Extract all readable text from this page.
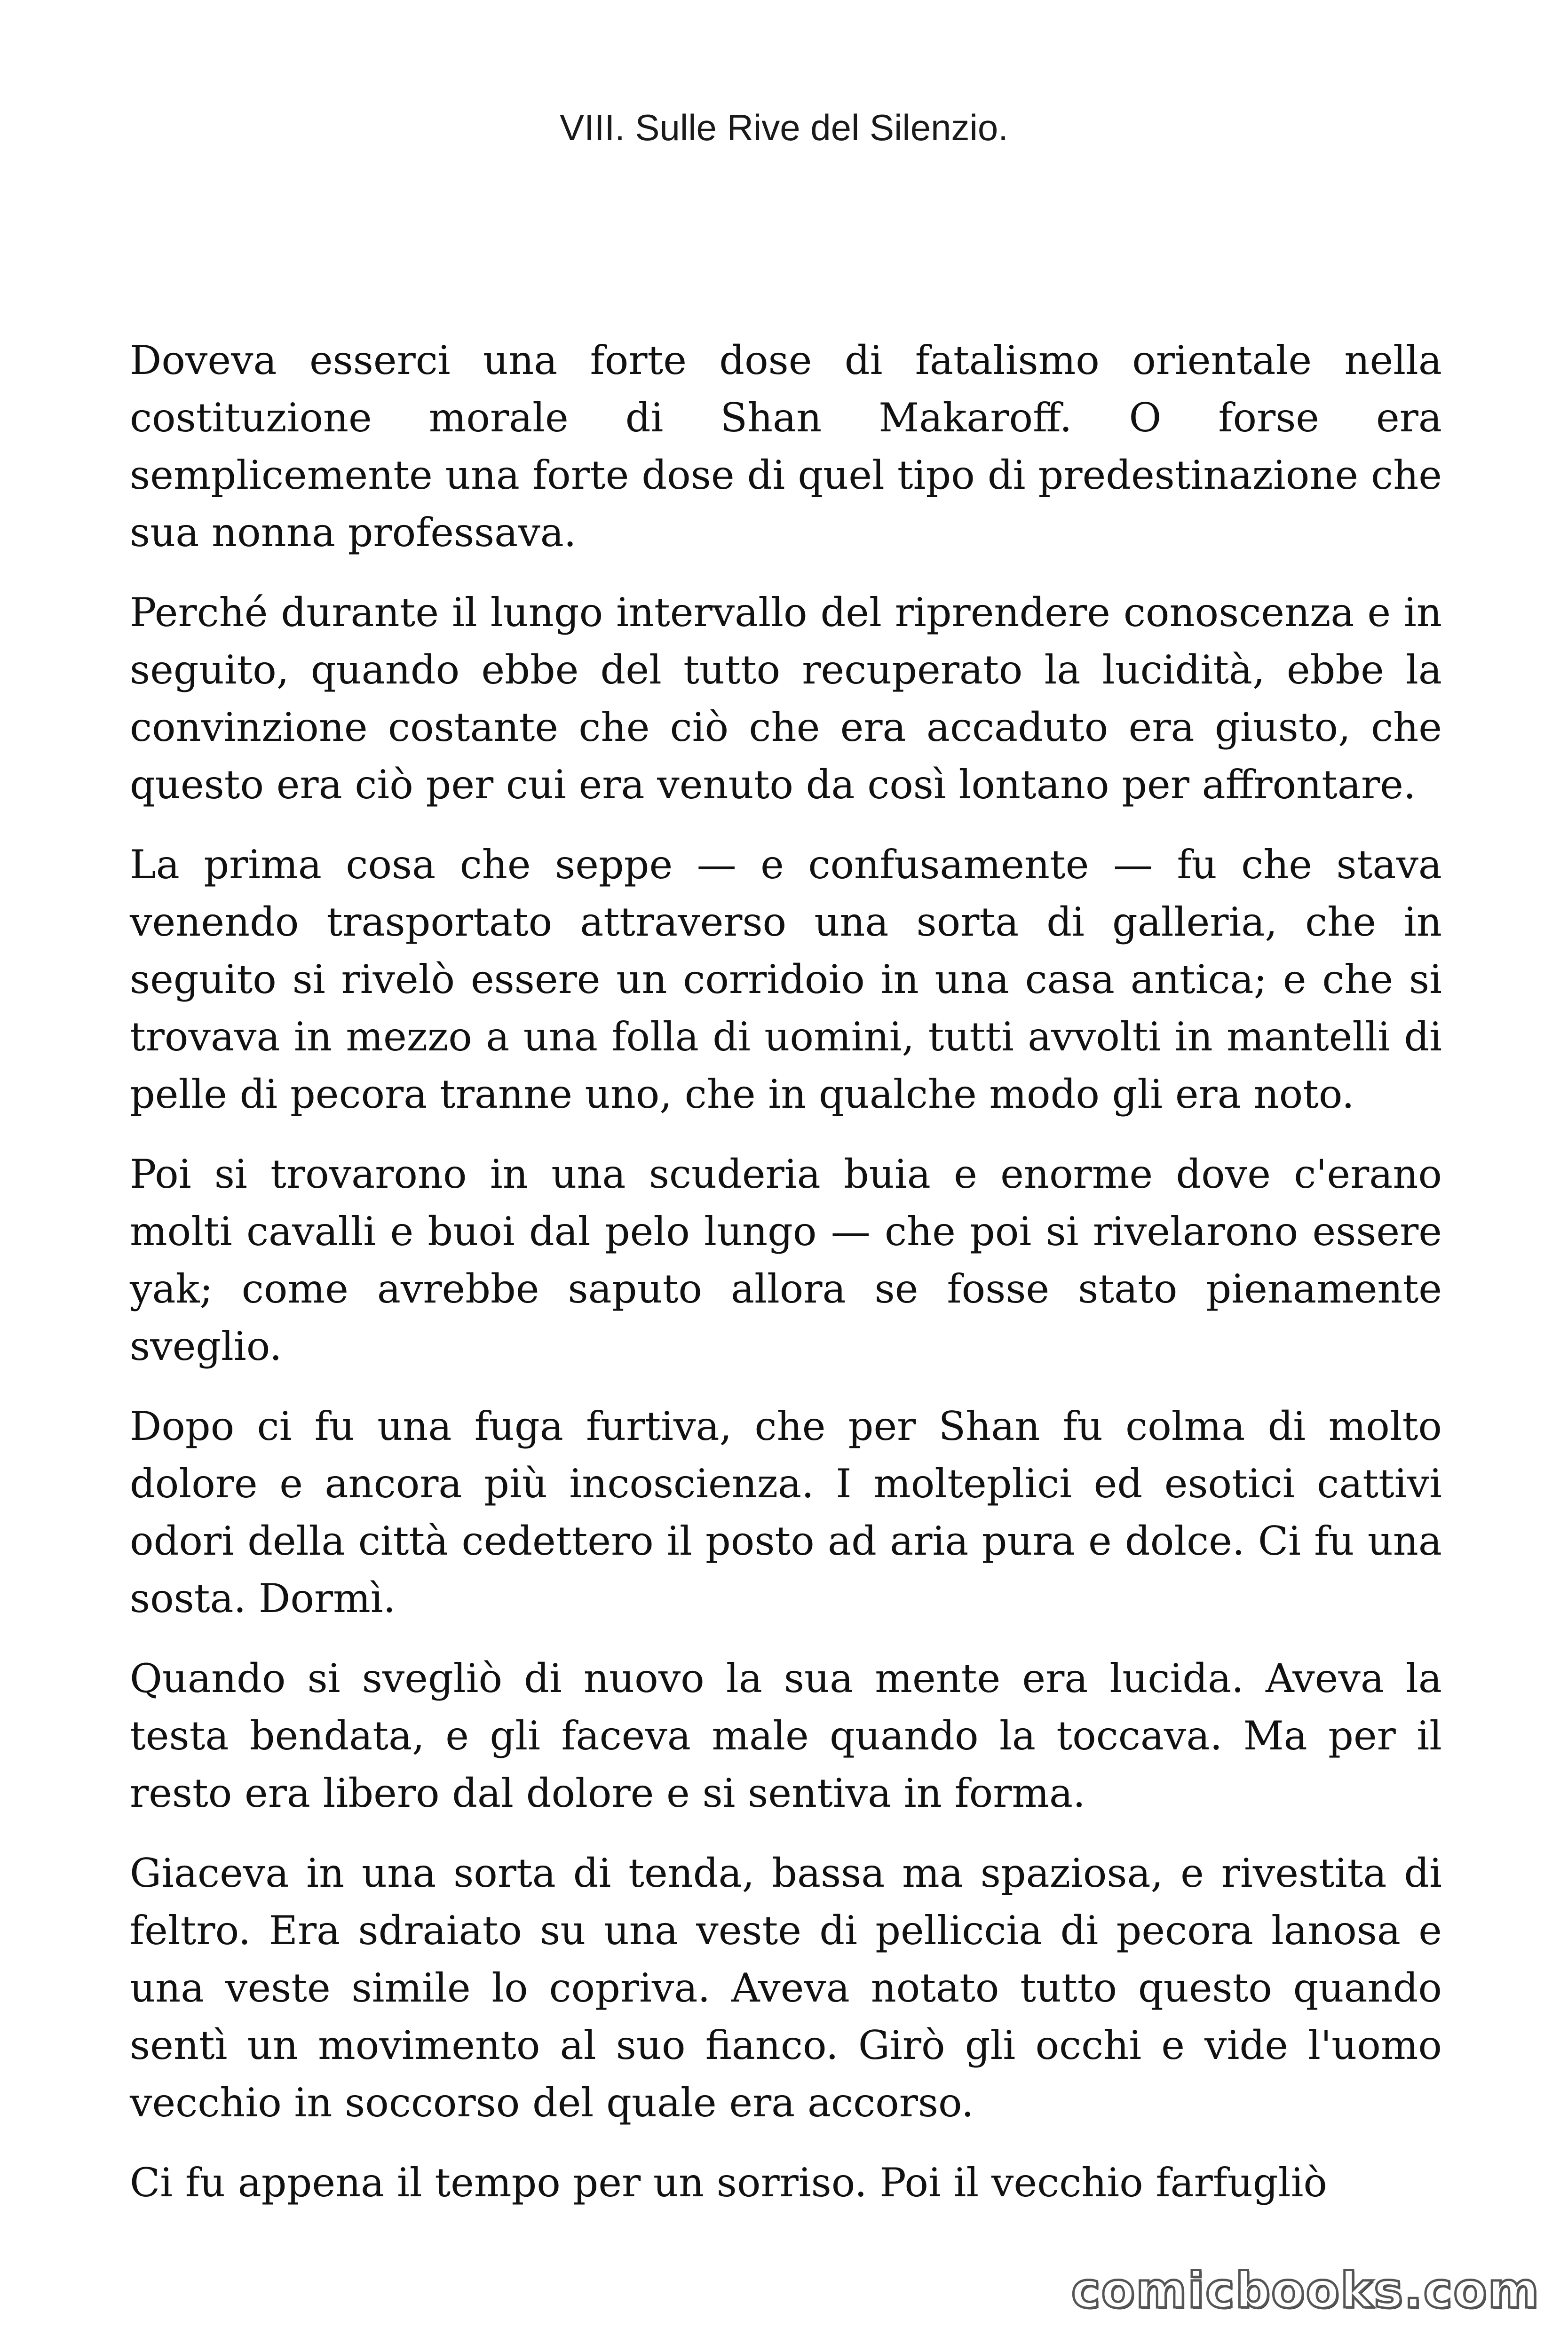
VIII. Sulle Rive del Silenzio.

Doveva esserci una forte dose di fatalismo orientale nella costituzione morale di Shan Makaroff. O forse era semplicemente una forte dose di quel tipo di predestinazione che sua nonna professava.

Perché durante il lungo intervallo del riprendere conoscenza e in seguito, quando ebbe del tutto recuperato la lucidità, ebbe la convinzione costante che ciò che era accaduto era giusto, che questo era ciò per cui era venuto da così lontano per affrontare.

La prima cosa che seppe — e confusamente — fu che stava venendo trasportato attraverso una sorta di galleria, che in seguito si rivelò essere un corridoio in una casa antica; e che si trovava in mezzo a una folla di uomini, tutti avvolti in mantelli di pelle di pecora tranne uno, che in qualche modo gli era noto.

Poi si trovarono in una scuderia buia e enorme dove c'erano molti cavalli e buoi dal pelo lungo — che poi si rivelarono essere yak; come avrebbe saputo allora se fosse stato pienamente sveglio.

Dopo ci fu una fuga furtiva, che per Shan fu colma di molto dolore e ancora più incoscienza. I molteplici ed esotici cattivi odori della città cedettero il posto ad aria pura e dolce. Ci fu una sosta. Dormì.

Quando si svegliò di nuovo la sua mente era lucida. Aveva la testa bendata, e gli faceva male quando la toccava. Ma per il resto era libero dal dolore e si sentiva in forma.

Giaceva in una sorta di tenda, bassa ma spaziosa, e rivestita di feltro. Era sdraiato su una veste di pelliccia di pecora lanosa e una veste simile lo copriva. Aveva notato tutto questo quando sentì un movimento al suo fianco. Girò gli occhi e vide l'uomo vecchio in soccorso del quale era accorso.

Ci fu appena il tempo per un sorriso. Poi il vecchio farfugliò

comicbooks.com
